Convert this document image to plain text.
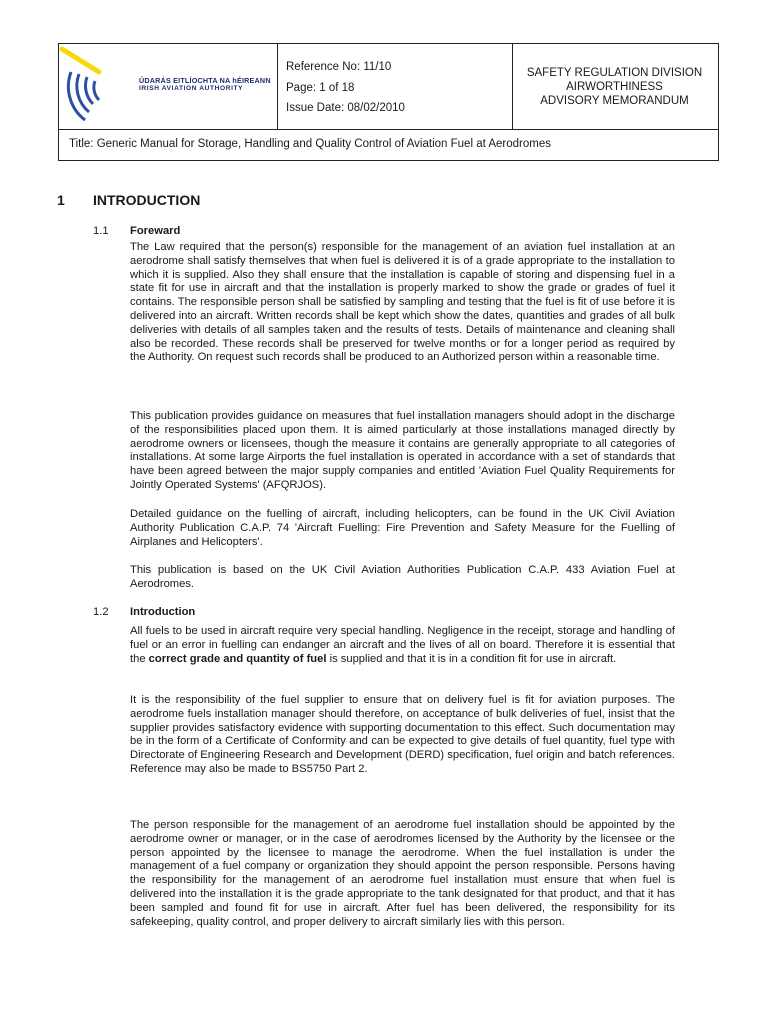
ÚDARÁS EITLÍOCHTA NA hÉIREANN
IRISH AVIATION AUTHORITY
Reference No: 11/10
Page: 1 of 18
Issue Date: 08/02/2010
SAFETY REGULATION DIVISION
AIRWORTHINESS
ADVISORY MEMORANDUM
Title: Generic Manual for Storage, Handling and Quality Control of Aviation Fuel at Aerodromes
1 INTRODUCTION
1.1 Foreward

The Law required that the person(s) responsible for the management of an aviation fuel installation at an aerodrome shall satisfy themselves that when fuel is delivered it is of a grade appropriate to the installation to which it is supplied. Also they shall ensure that the installation is capable of storing and dispensing fuel in a state fit for use in aircraft and that the installation is properly marked to show the grade or grades of fuel it contains. The responsible person shall be satisfied by sampling and testing that the fuel is fit of use before it is delivered into an aircraft. Written records shall be kept which show the dates, quantities and grades of all bulk deliveries with details of all samples taken and the results of tests. Details of maintenance and cleaning shall also be recorded. These records shall be preserved for twelve months or for a longer period as required by the Authority. On request such records shall be produced to an Authorized person within a reasonable time.

This publication provides guidance on measures that fuel installation managers should adopt in the discharge of the responsibilities placed upon them. It is aimed particularly at those installations managed directly by aerodrome owners or licensees, though the measure it contains are generally appropriate to all categories of installations. At some large Airports the fuel installation is operated in accordance with a set of standards that have been agreed between the major supply companies and entitled 'Aviation Fuel Quality Requirements for Jointly Operated Systems' (AFQRJOS).

Detailed guidance on the fuelling of aircraft, including helicopters, can be found in the UK Civil Aviation Authority Publication C.A.P. 74 'Aircraft Fuelling: Fire Prevention and Safety Measure for the Fuelling of Airplanes and Helicopters'.

This publication is based on the UK Civil Aviation Authorities Publication C.A.P. 433 Aviation Fuel at Aerodromes.

1.2 Introduction

All fuels to be used in aircraft require very special handling. Negligence in the receipt, storage and handling of fuel or an error in fuelling can endanger an aircraft and the lives of all on board. Therefore it is essential that the correct grade and quantity of fuel is supplied and that it is in a condition fit for use in aircraft.

It is the responsibility of the fuel supplier to ensure that on delivery fuel is fit for aviation purposes. The aerodrome fuels installation manager should therefore, on acceptance of bulk deliveries of fuel, insist that the supplier provides satisfactory evidence with supporting documentation to this effect. Such documentation may be in the form of a Certificate of Conformity and can be expected to give details of fuel quantity, fuel type with Directorate of Engineering Research and Development (DERD) specification, fuel origin and batch references. Reference may also be made to BS5750 Part 2.

The person responsible for the management of an aerodrome fuel installation should be appointed by the aerodrome owner or manager, or in the case of aerodromes licensed by the Authority by the licensee or the person appointed by the licensee to manage the aerodrome. When the fuel installation is under the management of a fuel company or organization they should appoint the person responsible. Persons having the responsibility for the management of an aerodrome fuel installation must ensure that when fuel is delivered into the installation it is the grade appropriate to the tank designated for that product, and that it has been sampled and found fit for use in aircraft. After fuel has been delivered, the responsibility for its safekeeping, quality control, and proper delivery to aircraft similarly lies with this person.
